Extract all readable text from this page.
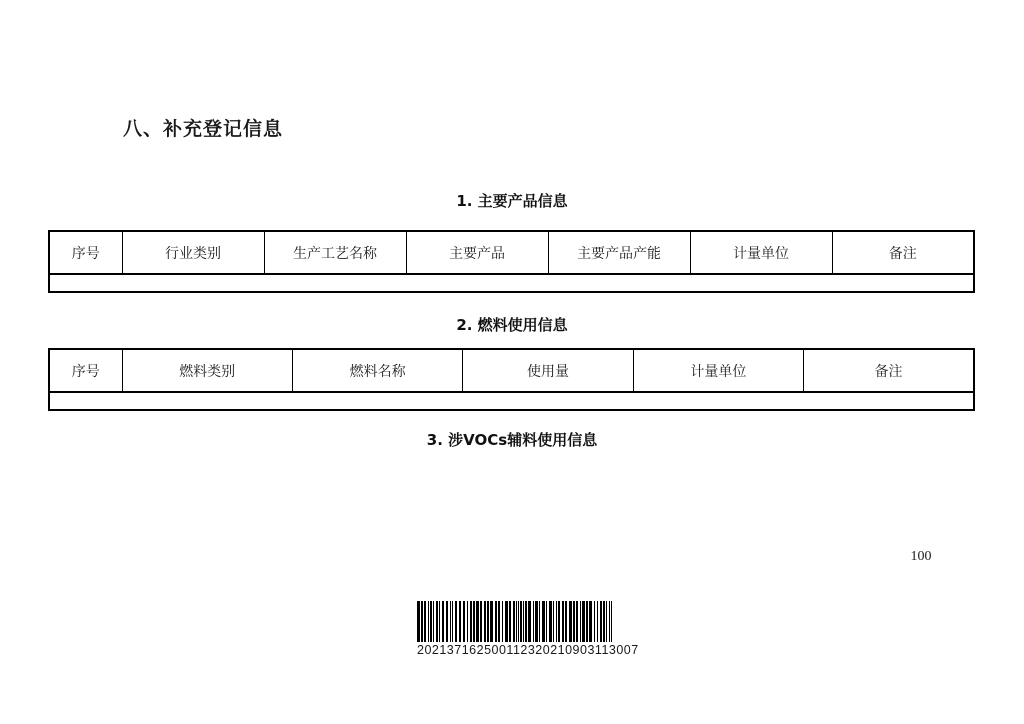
八、补充登记信息
1. 主要产品信息
序号	行业类别	生产工艺名称	主要产品	主要产品产能	计量单位	备注

2. 燃料使用信息
序号	燃料类别	燃料名称	使用量	计量单位	备注

3. 涉VOCs辅料使用信息
100
202137162500112320210903113007
